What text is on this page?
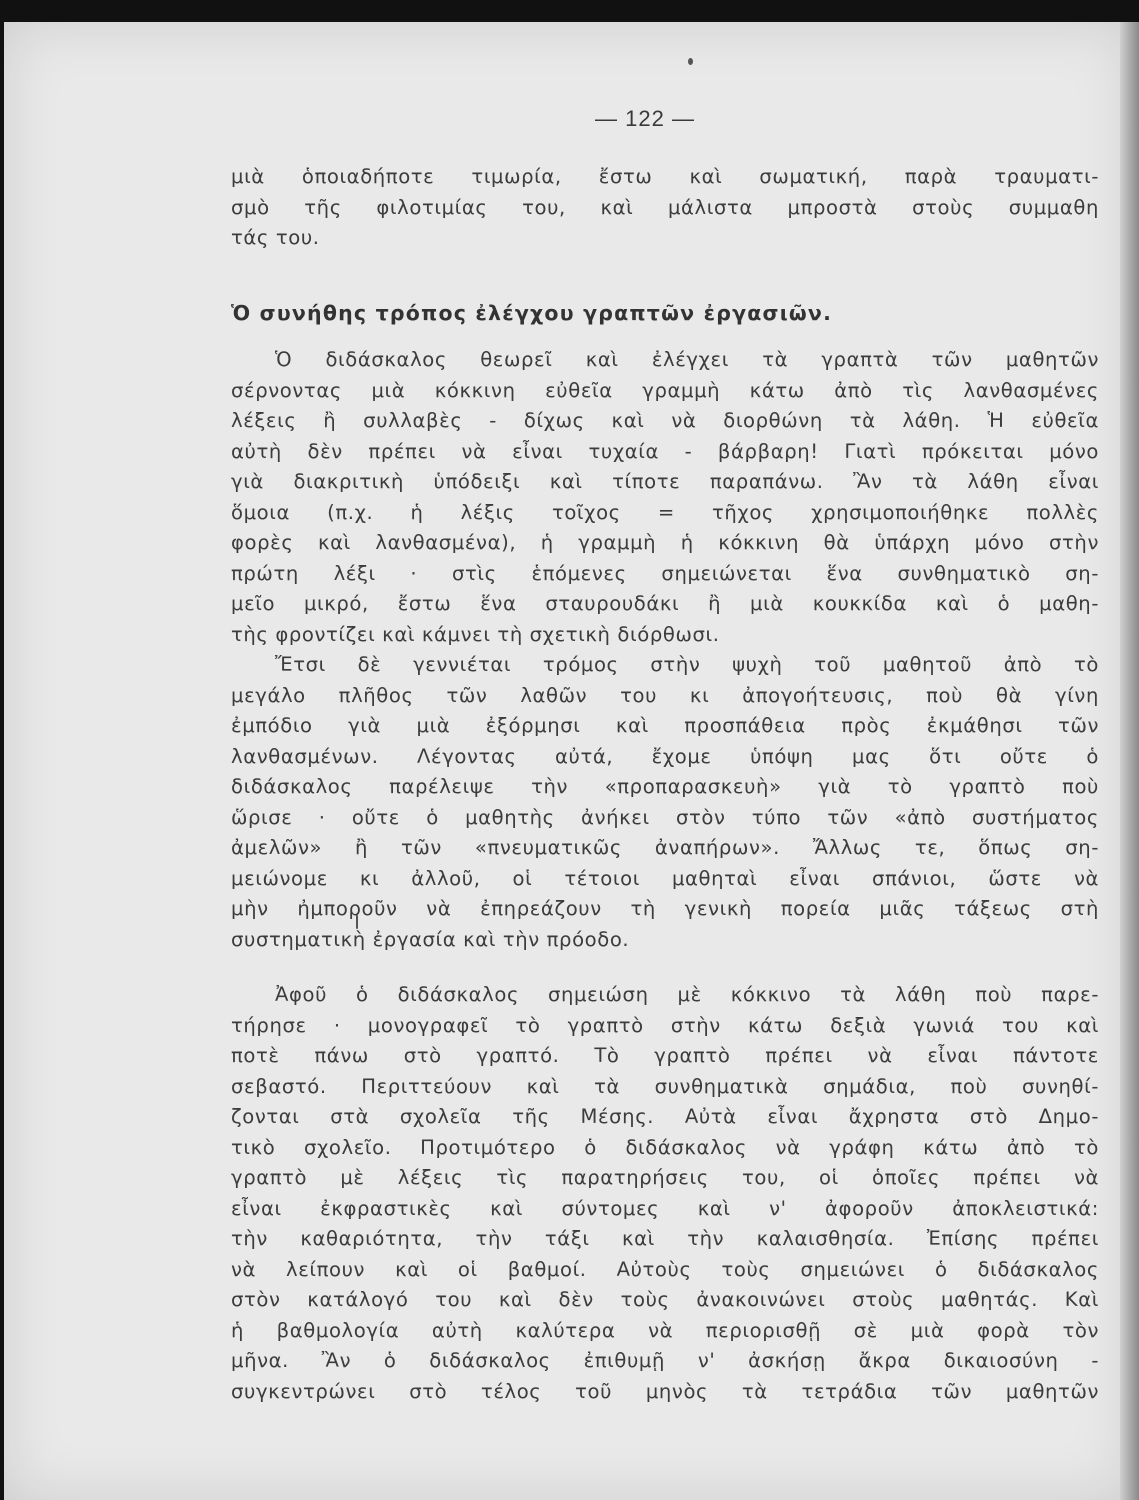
— 122 —
μιὰ ὁποιαδήποτε τιμωρία, ἔστω καὶ σωματική, παρὰ τραυματι-
σμὸ τῆς φιλοτιμίας του, καὶ μάλιστα μπροστὰ στοὺς συμμαθη
τάς του.
Ὁ συνήθης τρόπος ἐλέγχου γραπτῶν ἐργασιῶν.
Ὁ διδάσκαλος θεωρεῖ καὶ ἐλέγχει τὰ γραπτὰ τῶν μαθητῶν
σέρνοντας μιὰ κόκκινη εὐθεῖα γραμμὴ κάτω ἀπὸ τὶς λανθασμένες
λέξεις ἢ συλλαβὲς - δίχως καὶ νὰ διορθώνη τὰ λάθη. Ἡ εὐθεῖα
αὐτὴ δὲν πρέπει νὰ εἶναι τυχαία - βάρβαρη! Γιατὶ πρόκειται μόνο
γιὰ διακριτικὴ ὑπόδειξι καὶ τίποτε παραπάνω. Ἂν τὰ λάθη εἶναι
ὅμοια (π.χ. ἡ λέξις τοῖχος = τῆχος χρησιμοποιήθηκε πολλὲς
φορὲς καὶ λανθασμένα), ἡ γραμμὴ ἡ κόκκινη θὰ ὑπάρχη μόνο στὴν
πρώτη λέξι · στὶς ἑπόμενες σημειώνεται ἕνα συνθηματικὸ ση-
μεῖο μικρό, ἔστω ἕνα σταυρουδάκι ἢ μιὰ κουκκίδα καὶ ὁ μαθη-
τὴς φροντίζει καὶ κάμνει τὴ σχετικὴ διόρθωσι.
Ἔτσι δὲ γεννιέται τρόμος στὴν ψυχὴ τοῦ μαθητοῦ ἀπὸ τὸ
μεγάλο πλῆθος τῶν λαθῶν του κι ἀπογοήτευσις, ποὺ θὰ γίνη
ἐμπόδιο γιὰ μιὰ ἐξόρμησι καὶ προσπάθεια πρὸς ἐκμάθησι τῶν
λανθασμένων. Λέγοντας αὐτά, ἔχομε ὑπόψη μας ὅτι οὔτε ὁ
διδάσκαλος παρέλειψε τὴν «προπαρασκευὴ» γιὰ τὸ γραπτὸ ποὺ
ὥρισε · οὔτε ὁ μαθητὴς ἀνήκει στὸν τύπο τῶν «ἀπὸ συστήματος
ἀμελῶν» ἢ τῶν «πνευματικῶς ἀναπήρων». Ἄλλως τε, ὅπως ση-
μειώνομε κι ἀλλοῦ, οἱ τέτοιοι μαθηταὶ εἶναι σπάνιοι, ὥστε νὰ
μὴν ἠμποροῦν νὰ ἐπηρεάζουν τὴ γενικὴ πορεία μιᾶς τάξεως στὴ
συστηματικὴ ἐργασία καὶ τὴν πρόοδο.
Ἀφοῦ ὁ διδάσκαλος σημειώση μὲ κόκκινο τὰ λάθη ποὺ παρε-
τήρησε · μονογραφεῖ τὸ γραπτὸ στὴν κάτω δεξιὰ γωνιά του καὶ
ποτὲ πάνω στὸ γραπτό. Τὸ γραπτὸ πρέπει νὰ εἶναι πάντοτε
σεβαστό. Περιττεύουν καὶ τὰ συνθηματικὰ σημάδια, ποὺ συνηθί-
ζονται στὰ σχολεῖα τῆς Μέσης. Αὐτὰ εἶναι ἄχρηστα στὸ Δημο-
τικὸ σχολεῖο. Προτιμότερο ὁ διδάσκαλος νὰ γράφη κάτω ἀπὸ τὸ
γραπτὸ μὲ λέξεις τὶς παρατηρήσεις του, οἱ ὁποῖες πρέπει νὰ
εἶναι ἐκφραστικὲς καὶ σύντομες καὶ ν' ἀφοροῦν ἀποκλειστικά:
τὴν καθαριότητα, τὴν τάξι καὶ τὴν καλαισθησία. Ἐπίσης πρέπει
νὰ λείπουν καὶ οἱ βαθμοί. Αὐτοὺς τοὺς σημειώνει ὁ διδάσκαλος
στὸν κατάλογό του καὶ δὲν τοὺς ἀνακοινώνει στοὺς μαθητάς. Καὶ
ἡ βαθμολογία αὐτὴ καλύτερα νὰ περιορισθῇ σὲ μιὰ φορὰ τὸν
μῆνα. Ἂν ὁ διδάσκαλος ἐπιθυμῇ ν' ἀσκήσῃ ἄκρα δικαιοσύνη -
συγκεντρώνει στὸ τέλος τοῦ μηνὸς τὰ τετράδια τῶν μαθητῶν
